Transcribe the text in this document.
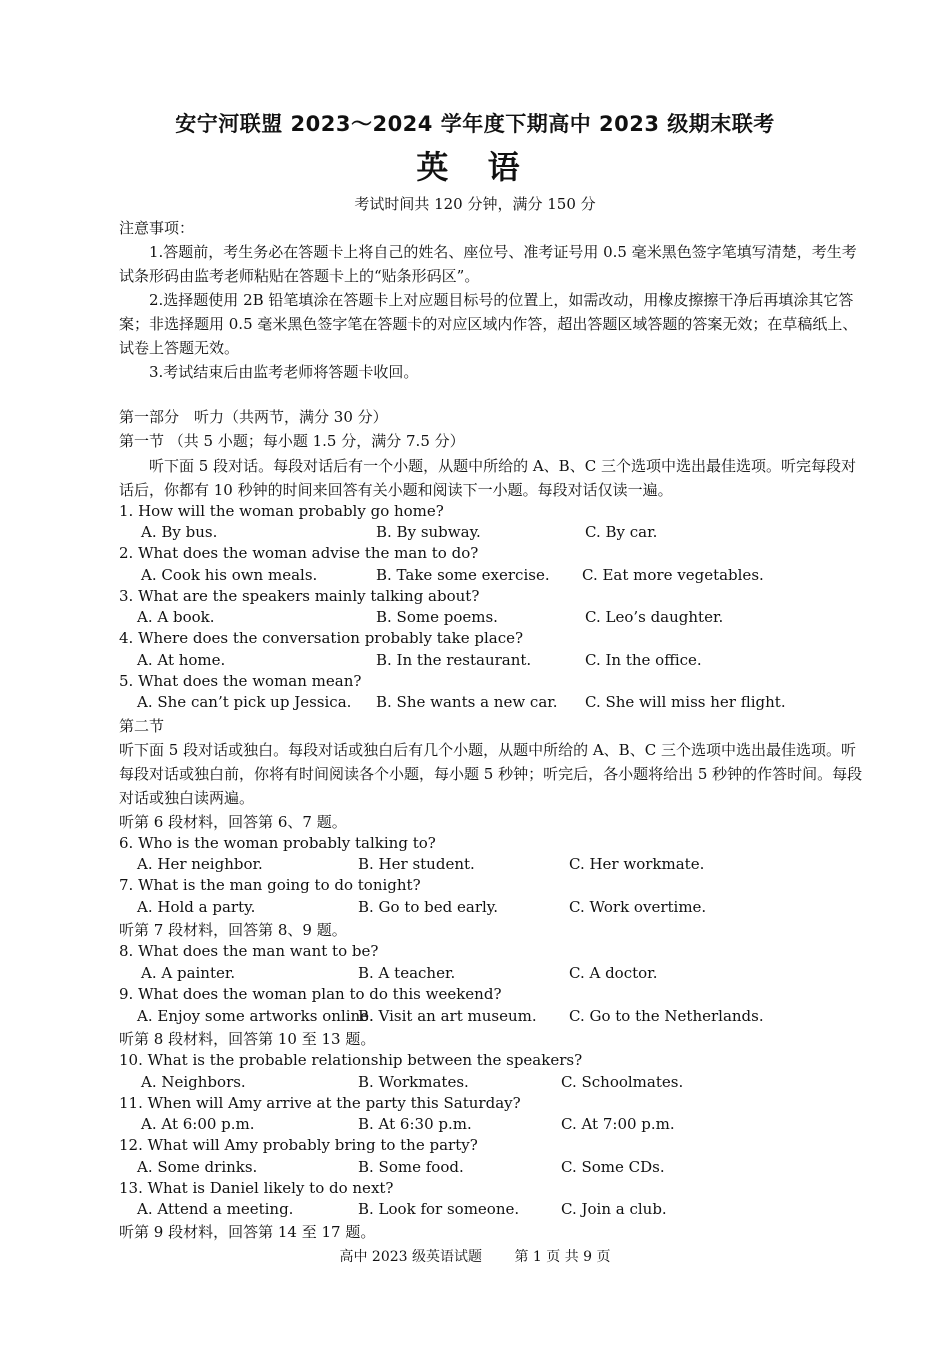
安宁河联盟 2023～2024 学年度下期高中 2023 级期末联考
英 语
考试时间共 120 分钟，满分 150 分
注意事项：
1.答题前，考生务必在答题卡上将自己的姓名、座位号、准考证号用 0.5 毫米黑色签字笔填写清楚，考生考试条形码由监考老师粘贴在答题卡上的“贴条形码区”。
2.选择题使用 2B 铅笔填涂在答题卡上对应题目标号的位置上，如需改动，用橡皮擦擦干净后再填涂其它答案；非选择题用 0.5 毫米黑色签字笔在答题卡的对应区域内作答，超出答题区域答题的答案无效；在草稿纸上、试卷上答题无效。
3.考试结束后由监考老师将答题卡收回。
第一部分　听力（共两节，满分 30 分）
第一节 （共 5 小题；每小题 1.5 分，满分 7.5 分）
听下面 5 段对话。每段对话后有一个小题，从题中所给的 A、B、C 三个选项中选出最佳选项。听完每段对话后，你都有 10 秒钟的时间来回答有关小题和阅读下一小题。每段对话仅读一遍。
1. How will the woman probably go home?
A. By bus.	B. By subway.	C. By car.
2. What does the woman advise the man to do?
A. Cook his own meals.	B. Take some exercise. C. Eat more vegetables.
3. What are the speakers mainly talking about?
A. A book.	B. Some poems.	C. Leo’s daughter.
4. Where does the conversation probably take place?
A. At home.	B. In the restaurant.	C. In the office.
5. What does the woman mean?
A. She can’t pick up Jessica. B. She wants a new car. C. She will miss her flight.
第二节
听下面 5 段对话或独白。每段对话或独白后有几个小题，从题中所给的 A、B、C 三个选项中选出最佳选项。听每段对话或独白前，你将有时间阅读各个小题，每小题 5 秒钟；听完后，各小题将给出 5 秒钟的作答时间。每段对话或独白读两遍。
听第 6 段材料，回答第 6、7 题。
6. Who is the woman probably talking to?
A. Her neighbor.	B. Her student.	C. Her workmate.
7. What is the man going to do tonight?
A. Hold a party.	B. Go to bed early.	C. Work overtime.
听第 7 段材料，回答第 8、9 题。
8. What does the man want to be?
A. A painter.	B. A teacher.	C. A doctor.
9. What does the woman plan to do this weekend?
A. Enjoy some artworks online.
B. Visit an art museum. C. Go to the Netherlands.
听第 8 段材料，回答第 10 至 13 题。
10. What is the probable relationship between the speakers?
A. Neighbors.	B. Workmates.	C. Schoolmates.
11. When will Amy arrive at the party this Saturday?
A. At 6:00 p.m.	B. At 6:30 p.m.	C. At 7:00 p.m.
12. What will Amy probably bring to the party?
A. Some drinks.	B. Some food.	C. Some CDs.
13. What is Daniel likely to do next?
A. Attend a meeting.	B. Look for someone.	C. Join a club.
听第 9 段材料，回答第 14 至 17 题。
高中 2023 级英语试题 第 1 页 共 9 页
